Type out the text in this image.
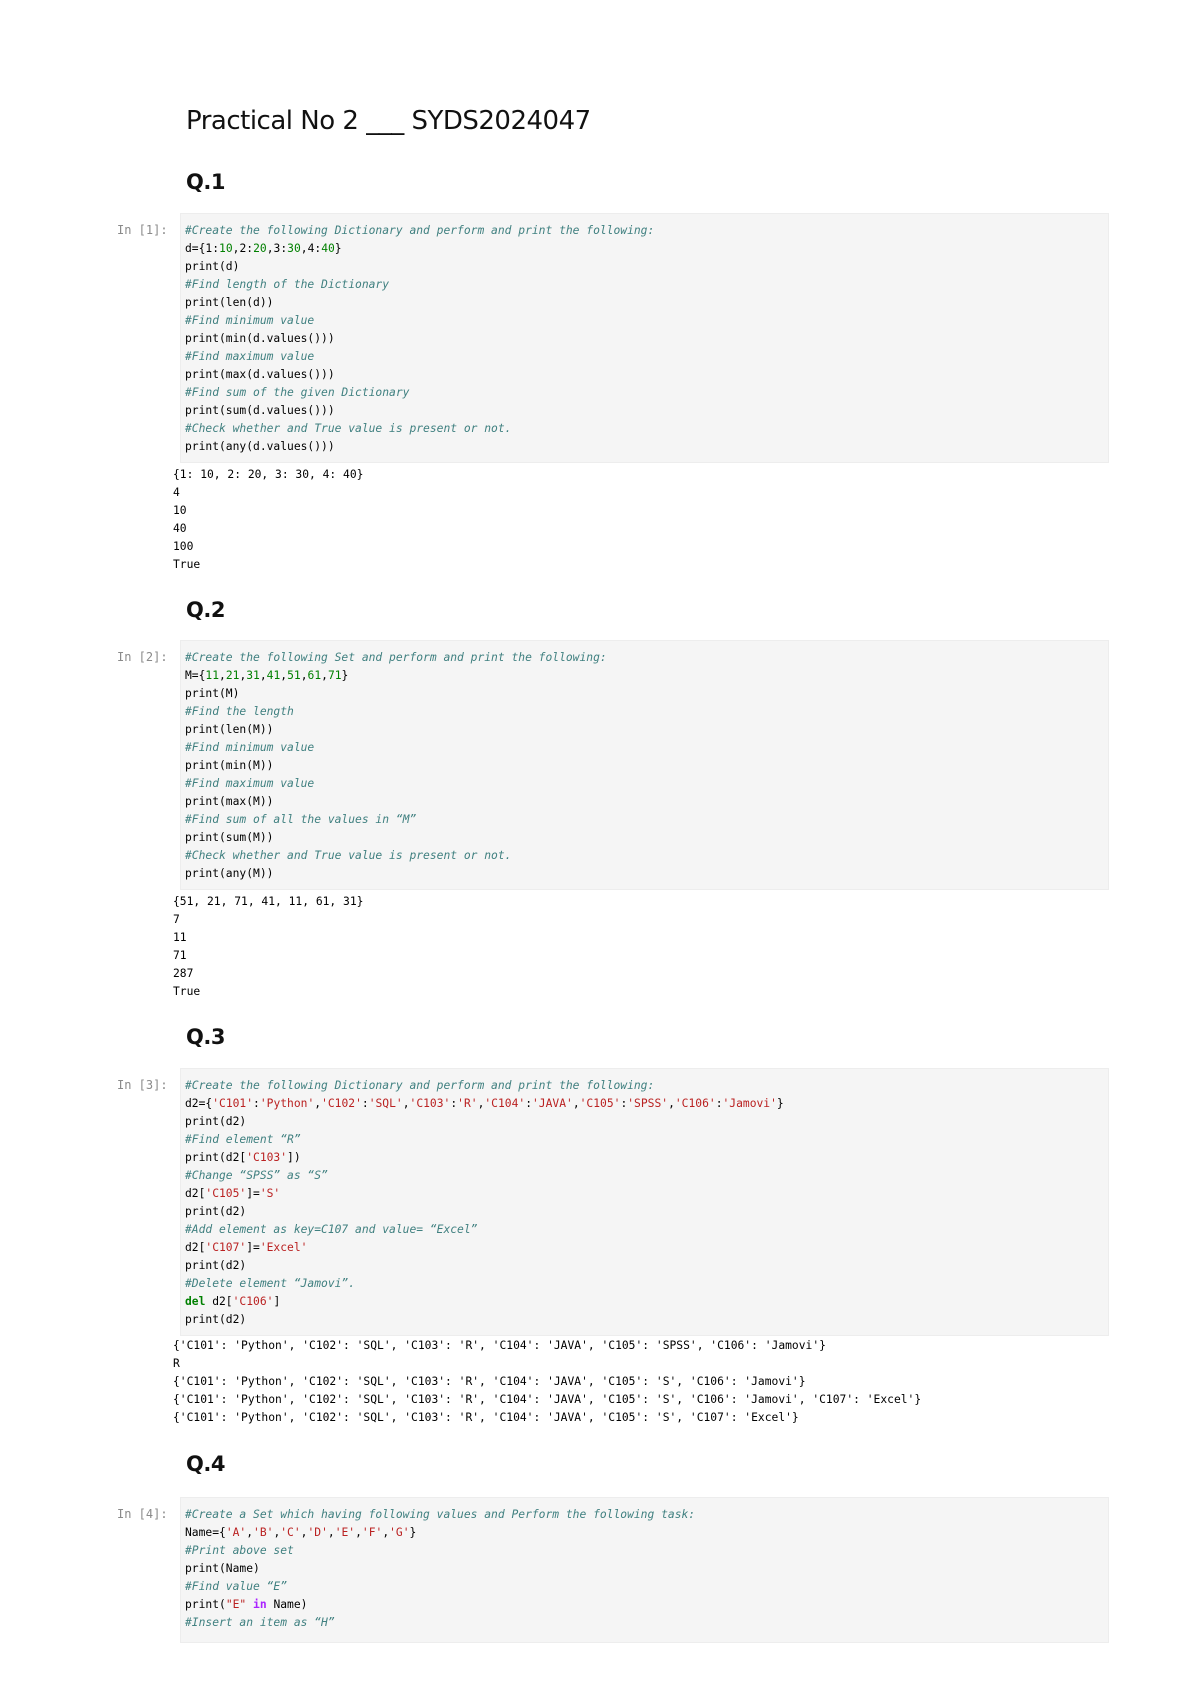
Practical No 2 ___ SYDS2024047
Q.1
In [1]:	#Create the following Dictionary and perform and print the following:
d={1:10,2:20,3:30,4:40}
print(d)
#Find length of the Dictionary
print(len(d))
#Find minimum value
print(min(d.values()))
#Find maximum value
print(max(d.values()))
#Find sum of the given Dictionary
print(sum(d.values()))
#Check whether and True value is present or not.
print(any(d.values()))
{1: 10, 2: 20, 3: 30, 4: 40}
4
10
40
100
True
Q.2
In [2]:	#Create the following Set and perform and print the following:
M={11,21,31,41,51,61,71}
print(M)
#Find the length
print(len(M))
#Find minimum value
print(min(M))
#Find maximum value
print(max(M))
#Find sum of all the values in “M”
print(sum(M))
#Check whether and True value is present or not.
print(any(M))
{51, 21, 71, 41, 11, 61, 31}
7
11
71
287
True
Q.3
In [3]:	#Create the following Dictionary and perform and print the following:
d2={'C101':'Python','C102':'SQL','C103':'R','C104':'JAVA','C105':'SPSS','C106':'Jamovi'}
print(d2)
#Find element “R”
print(d2['C103'])
#Change “SPSS” as “S”
d2['C105']='S'
print(d2)
#Add element as key=C107 and value= “Excel”
d2['C107']='Excel'
print(d2)
#Delete element “Jamovi”.
del d2['C106']
print(d2)
{'C101': 'Python', 'C102': 'SQL', 'C103': 'R', 'C104': 'JAVA', 'C105': 'SPSS', 'C106': 'Jamovi'}
R
{'C101': 'Python', 'C102': 'SQL', 'C103': 'R', 'C104': 'JAVA', 'C105': 'S', 'C106': 'Jamovi'}
{'C101': 'Python', 'C102': 'SQL', 'C103': 'R', 'C104': 'JAVA', 'C105': 'S', 'C106': 'Jamovi', 'C107': 'Excel'}
{'C101': 'Python', 'C102': 'SQL', 'C103': 'R', 'C104': 'JAVA', 'C105': 'S', 'C107': 'Excel'}
Q.4
In [4]:	#Create a Set which having following values and Perform the following task:
Name={'A','B','C','D','E','F','G'}
#Print above set
print(Name)
#Find value “E”
print("E" in Name)
#Insert an item as “H”
